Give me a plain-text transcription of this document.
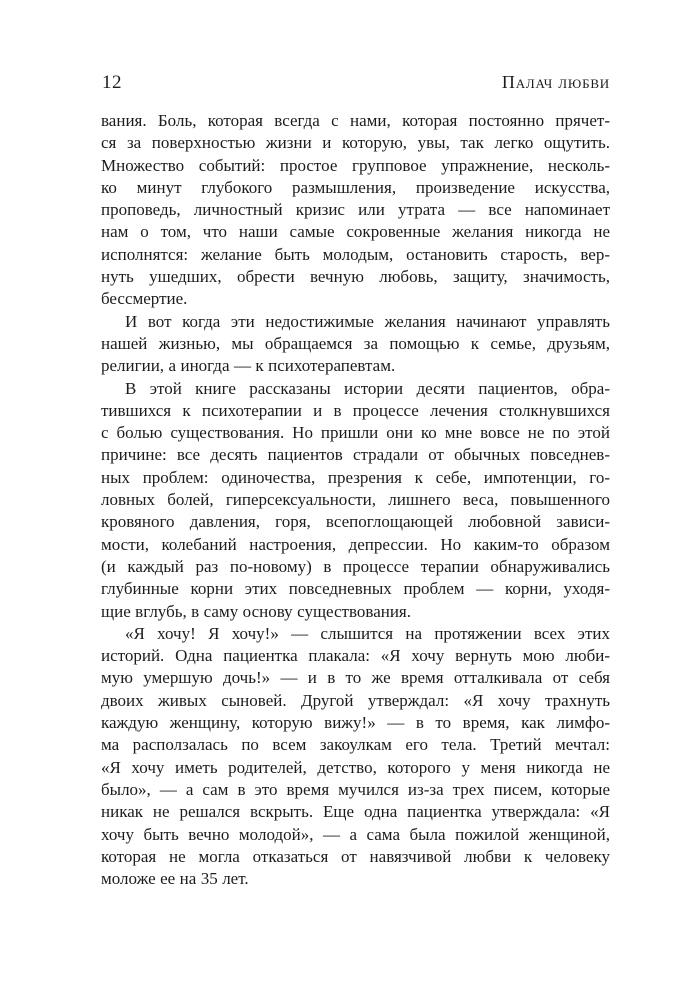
12	Палач любви
вания. Боль, которая всегда с нами, которая постоянно прячет-
ся за поверхностью жизни и которую, увы, так легко ощутить.
Множество событий: простое групповое упражнение, несколь-
ко минут глубокого размышления, произведение искусства,
проповедь, личностный кризис или утрата — все напоминает
нам о том, что наши самые сокровенные желания никогда не
исполнятся: желание быть молодым, остановить старость, вер-
нуть ушедших, обрести вечную любовь, защиту, значимость,
бессмертие.
И вот когда эти недостижимые желания начинают управлять
нашей жизнью, мы обращаемся за помощью к семье, друзьям,
религии, а иногда — к психотерапевтам.
В этой книге рассказаны истории десяти пациентов, обра-
тившихся к психотерапии и в процессе лечения столкнувшихся
с болью существования. Но пришли они ко мне вовсе не по этой
причине: все десять пациентов страдали от обычных повседнев-
ных проблем: одиночества, презрения к себе, импотенции, го-
ловных болей, гиперсексуальности, лишнего веса, повышенного
кровяного давления, горя, всепоглощающей любовной зависи-
мости, колебаний настроения, депрессии. Но каким-то образом
(и каждый раз по-новому) в процессе терапии обнаруживались
глубинные корни этих повседневных проблем — корни, уходя-
щие вглубь, в саму основу существования.
«Я хочу! Я хочу!» — слышится на протяжении всех этих
историй. Одна пациентка плакала: «Я хочу вернуть мою люби-
мую умершую дочь!» — и в то же время отталкивала от себя
двоих живых сыновей. Другой утверждал: «Я хочу трахнуть
каждую женщину, которую вижу!» — в то время, как лимфо-
ма расползалась по всем закоулкам его тела. Третий мечтал:
«Я хочу иметь родителей, детство, которого у меня никогда не
было», — а сам в это время мучился из-за трех писем, которые
никак не решался вскрыть. Еще одна пациентка утверждала: «Я
хочу быть вечно молодой», — а сама была пожилой женщиной,
которая не могла отказаться от навязчивой любви к человеку
моложе ее на 35 лет.
